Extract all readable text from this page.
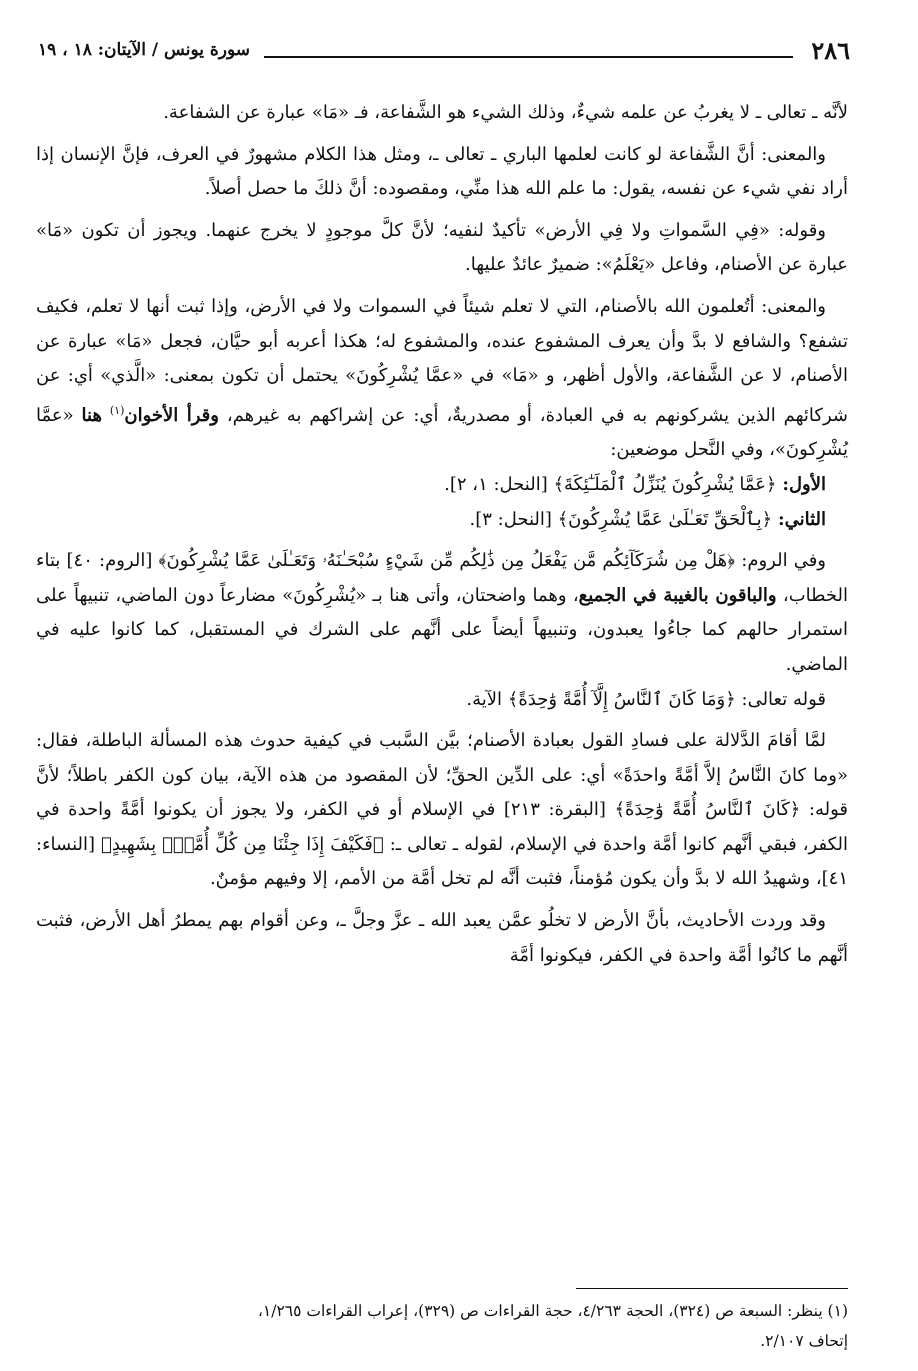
٢٨٦
سورة يونس / الآيتان: ١٨ ، ١٩

لأنَّه ـ تعالى ـ لا يغربُ عن علمه شيءٌ، وذلك الشيء هو الشَّفاعة، فـ «مَا» عبارة عن الشفاعة.

والمعنى: أنَّ الشَّفاعة لو كانت لعلمها الباري ـ تعالى ـ، ومثل هذا الكلام مشهورٌ في العرف، فإنَّ الإنسان إذا أراد نفي شيء عن نفسه، يقول: ما علم الله هذا منِّي، ومقصوده: أنَّ ذلكَ ما حصل أصلاً.

وقوله: «فِي السَّمواتِ ولا فِي الأرض» تأكيدٌ لنفيه؛ لأنَّ كلَّ موجودٍ لا يخرج عنهما. ويجوز أن تكون «مَا» عبارة عن الأصنام، وفاعل «يَعْلَمُ»: ضميرٌ عائدٌ عليها.

والمعنى: أتُعلمون الله بالأصنام، التي لا تعلم شيئاً في السموات ولا في الأرض، وإذا ثبت أنها لا تعلم، فكيف تشفع؟ والشافع لا بدَّ وأن يعرف المشفوع عنده، والمشفوع له؛ هكذا أعربه أبو حيَّان، فجعل «مَا» عبارة عن الأصنام، لا عن الشَّفاعة، والأول أظهر، و «مَا» في «عمَّا يُشْرِكُونَ» يحتمل أن تكون بمعنى: «الَّذي» أي: عن شركائهم الذين يشركونهم به في العبادة، أو مصدريةٌ، أي: عن إشراكهم به غيرهم، وقرأ الأخوان$^{(١)}$ هنا «عمَّا يُشْرِكونَ»، وفي النَّحل موضعين:

الأول: ﴿عَمَّا يُشْرِكُونَ يُنَزِّلُ ٱلْمَلَـٰٓئِكَةَ﴾ [النحل: ١، ٢].

الثاني: ﴿بِٱلْحَقِّ تَعَـٰلَىٰ عَمَّا يُشْرِكُونَ﴾ [النحل: ٣].

وفي الروم: ﴿هَلْ مِن شُرَكَآئِكُم مَّن يَفْعَلُ مِن ذَٰلِكُم مِّن شَيْءٍ سُبْحَـٰنَهُۥ وَتَعَـٰلَىٰ عَمَّا يُشْرِكُونَ﴾ [الروم: ٤٠] بتاء الخطاب، والباقون بالغيبة في الجميع، وهما واضحتان، وأتى هنا بـ «يُشْرِكُونَ» مضارعاً دون الماضي، تنبيهاً على استمرار حالهم كما جاءُوا يعبدون، وتنبيهاً أيضاً على أنَّهم على الشرك في المستقبل، كما كانوا عليه في الماضي.

قوله تعالى: ﴿وَمَا كَانَ ٱلنَّاسُ إِلَّآ أُمَّةً وَٰحِدَةً﴾ الآية.

لمَّا أقامَ الدَّلالة على فسادِ القول بعبادة الأصنام؛ بيَّن السَّبب في كيفية حدوث هذه المسألة الباطلة، فقال: «وما كانَ النَّاسُ إلاَّ أمَّةً واحدَةً» أي: على الدِّين الحقِّ؛ لأن المقصود من هذه الآية، بيان كون الكفر باطلاً؛ لأنَّ قوله: ﴿كَانَ ٱلنَّاسُ أُمَّةً وَٰحِدَةً﴾ [البقرة: ٢١٣] في الإسلام أو في الكفر، ولا يجوز أن يكونوا أمَّةً واحدة في الكفر، فبقي أنَّهم كانوا أمَّة واحدة في الإسلام، لقوله ـ تعالى ـ: ﴿فَكَيْفَ إِذَا جِئْنَا مِن كُلِّ أُمَّةٍۭ بِشَهِيدٍ﴾ [النساء: ٤١]، وشهيدُ الله لا بدَّ وأن يكون مُؤمناً، فثبت أنَّه لم تخل أمَّة من الأمم، إلا وفيهم مؤمنٌ.

وقد وردت الأحاديث، بأنَّ الأرض لا تخلُو عمَّن يعبد الله ـ عزَّ وجلَّ ـ، وعن أقوام بهم يمطرُ أهل الأرض، فثبت أنَّهم ما كانُوا أمَّة واحدة في الكفر، فيكونوا أمَّة

(١) ينظر: السبعة ص (٣٢٤)، الحجة ٤/٢٦٣، حجة القراءات ص (٣٢٩)، إعراب القراءات ١/٢٦٥،

إتحاف ٢/١٠٧.
